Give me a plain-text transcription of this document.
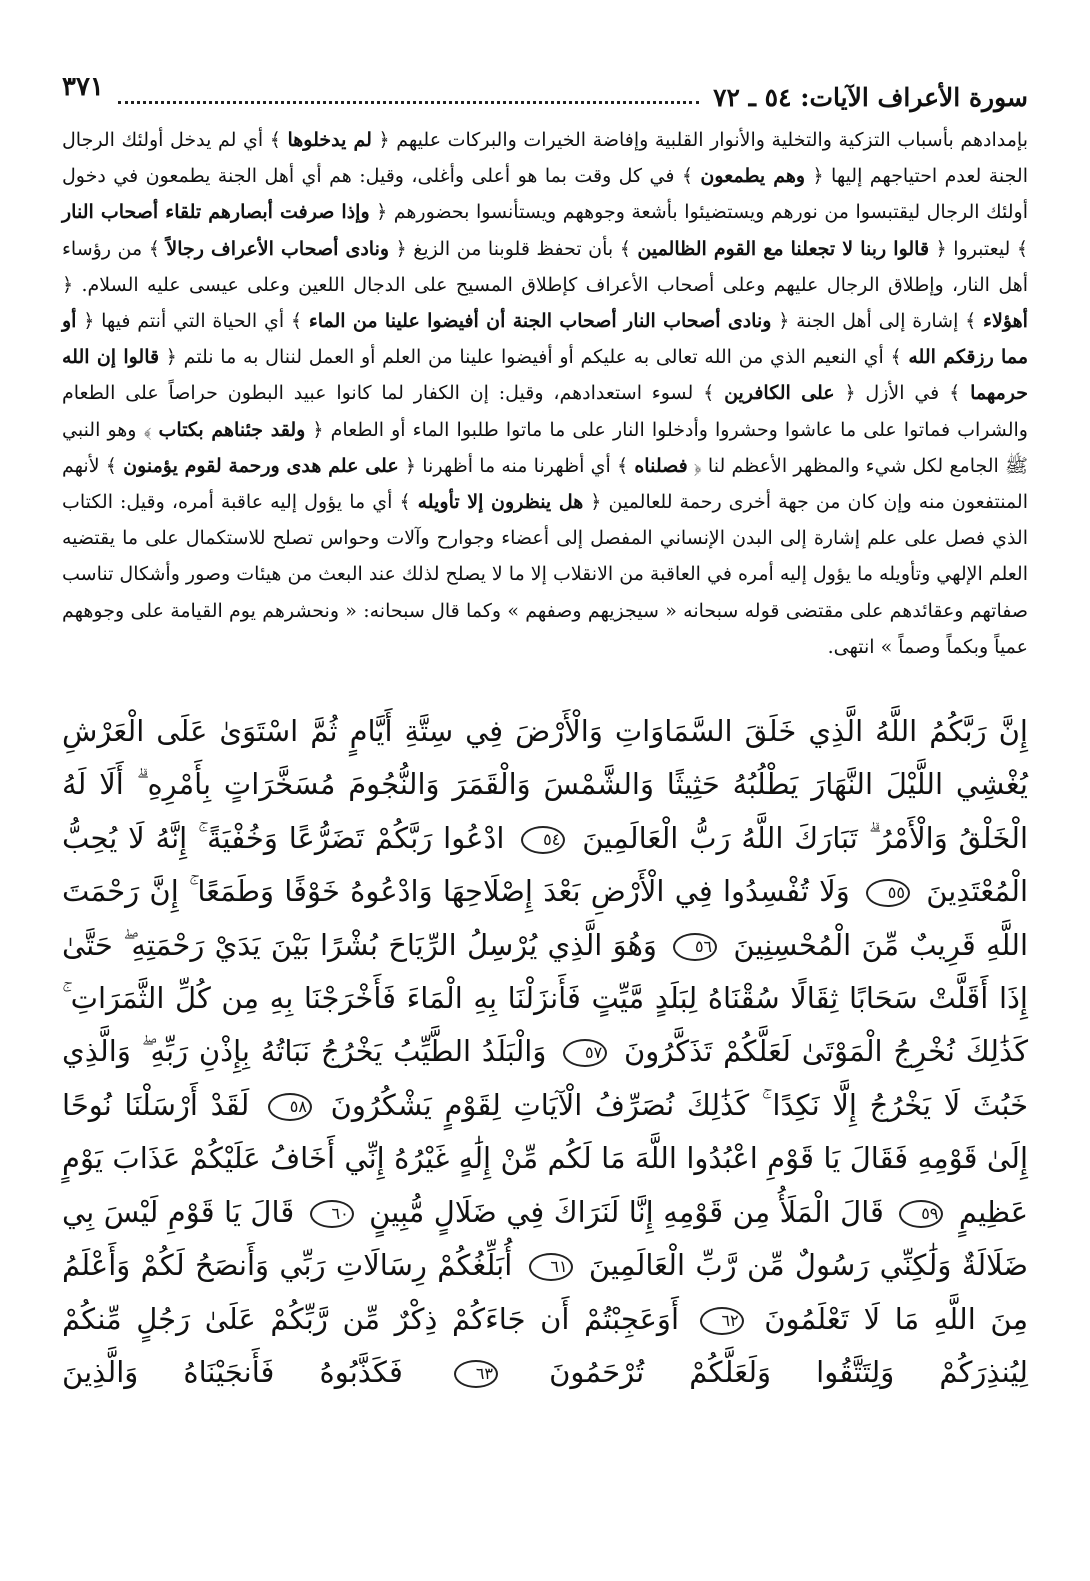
سورة الأعراف الآيات: ٥٤ ـ ٧٢
٣٧١
بإمدادهم بأسباب التزكية والتخلية والأنوار القلبية وإفاضة الخيرات والبركات عليهم ﴿ لم يدخلوها ﴾ أي لم يدخل أولئك الرجال الجنة لعدم احتياجهم إليها ﴿ وهم يطمعون ﴾ في كل وقت بما هو أعلى وأغلى، وقيل: هم أي أهل الجنة يطمعون في دخول أولئك الرجال ليقتبسوا من نورهم ويستضيئوا بأشعة وجوههم ويستأنسوا بحضورهم ﴿ وإذا صرفت أبصارهم تلقاء أصحاب النار ﴾ ليعتبروا ﴿ قالوا ربنا لا تجعلنا مع القوم الظالمين ﴾ بأن تحفظ قلوبنا من الزيغ ﴿ ونادى أصحاب الأعراف رجالاً ﴾ من رؤساء أهل النار، وإطلاق الرجال عليهم وعلى أصحاب الأعراف كإطلاق المسيح على الدجال اللعين وعلى عيسى عليه السلام. ﴿ أهؤلاء ﴾ إشارة إلى أهل الجنة ﴿ ونادى أصحاب النار أصحاب الجنة أن أفيضوا علينا من الماء ﴾ أي الحياة التي أنتم فيها ﴿ أو مما رزقكم الله ﴾ أي النعيم الذي من الله تعالى به عليكم أو أفيضوا علينا من العلم أو العمل لننال به ما نلتم ﴿ قالوا إن الله حرمهما ﴾ في الأزل ﴿ على الكافرين ﴾ لسوء استعدادهم، وقيل: إن الكفار لما كانوا عبيد البطون حراصاً على الطعام والشراب فماتوا على ما عاشوا وحشروا وأدخلوا النار على ما ماتوا طلبوا الماء أو الطعام ﴿ ولقد جئناهم بكتاب ﴾ وهو النبي ﷺ الجامع لكل شيء والمظهر الأعظم لنا ﴿ فصلناه ﴾ أي أظهرنا منه ما أظهرنا ﴿ على علم هدى ورحمة لقوم يؤمنون ﴾ لأنهم المنتفعون منه وإن كان من جهة أخرى رحمة للعالمين ﴿ هل ينظرون إلا تأويله ﴾ أي ما يؤول إليه عاقبة أمره، وقيل: الكتاب الذي فصل على علم إشارة إلى البدن الإنساني المفصل إلى أعضاء وجوارح وآلات وحواس تصلح للاستكمال على ما يقتضيه العلم الإلهي وتأويله ما يؤول إليه أمره في العاقبة من الانقلاب إلا ما لا يصلح لذلك عند البعث من هيئات وصور وأشكال تناسب صفاتهم وعقائدهم على مقتضى قوله سبحانه « سيجزيهم وصفهم » وكما قال سبحانه: « ونحشرهم يوم القيامة على وجوههم عمياً وبكماً وصماً » انتهى.
إِنَّ رَبَّكُمُ اللَّهُ الَّذِي خَلَقَ السَّمَاوَاتِ وَالْأَرْضَ فِي سِتَّةِ أَيَّامٍ ثُمَّ اسْتَوَىٰ عَلَى الْعَرْشِ يُغْشِي اللَّيْلَ النَّهَارَ يَطْلُبُهُ حَثِيثًا وَالشَّمْسَ وَالْقَمَرَ وَالنُّجُومَ مُسَخَّرَاتٍ بِأَمْرِهِ ۗ أَلَا لَهُ الْخَلْقُ وَالْأَمْرُ ۗ تَبَارَكَ اللَّهُ رَبُّ الْعَالَمِينَ ٥٤ ادْعُوا رَبَّكُمْ تَضَرُّعًا وَخُفْيَةً ۚ إِنَّهُ لَا يُحِبُّ الْمُعْتَدِينَ ٥٥ وَلَا تُفْسِدُوا فِي الْأَرْضِ بَعْدَ إِصْلَاحِهَا وَادْعُوهُ خَوْفًا وَطَمَعًا ۚ إِنَّ رَحْمَتَ اللَّهِ قَرِيبٌ مِّنَ الْمُحْسِنِينَ ٥٦ وَهُوَ الَّذِي يُرْسِلُ الرِّيَاحَ بُشْرًا بَيْنَ يَدَيْ رَحْمَتِهِ ۖ حَتَّىٰ إِذَا أَقَلَّتْ سَحَابًا ثِقَالًا سُقْنَاهُ لِبَلَدٍ مَّيِّتٍ فَأَنزَلْنَا بِهِ الْمَاءَ فَأَخْرَجْنَا بِهِ مِن كُلِّ الثَّمَرَاتِ ۚ كَذَٰلِكَ نُخْرِجُ الْمَوْتَىٰ لَعَلَّكُمْ تَذَكَّرُونَ ٥٧ وَالْبَلَدُ الطَّيِّبُ يَخْرُجُ نَبَاتُهُ بِإِذْنِ رَبِّهِ ۖ وَالَّذِي خَبُثَ لَا يَخْرُجُ إِلَّا نَكِدًا ۚ كَذَٰلِكَ نُصَرِّفُ الْآيَاتِ لِقَوْمٍ يَشْكُرُونَ ٥٨ لَقَدْ أَرْسَلْنَا نُوحًا إِلَىٰ قَوْمِهِ فَقَالَ يَا قَوْمِ اعْبُدُوا اللَّهَ مَا لَكُم مِّنْ إِلَٰهٍ غَيْرُهُ إِنِّي أَخَافُ عَلَيْكُمْ عَذَابَ يَوْمٍ عَظِيمٍ ٥٩ قَالَ الْمَلَأُ مِن قَوْمِهِ إِنَّا لَنَرَاكَ فِي ضَلَالٍ مُّبِينٍ ٦٠ قَالَ يَا قَوْمِ لَيْسَ بِي ضَلَالَةٌ وَلَٰكِنِّي رَسُولٌ مِّن رَّبِّ الْعَالَمِينَ ٦١ أُبَلِّغُكُمْ رِسَالَاتِ رَبِّي وَأَنصَحُ لَكُمْ وَأَعْلَمُ مِنَ اللَّهِ مَا لَا تَعْلَمُونَ ٦٢ أَوَعَجِبْتُمْ أَن جَاءَكُمْ ذِكْرٌ مِّن رَّبِّكُمْ عَلَىٰ رَجُلٍ مِّنكُمْ لِيُنذِرَكُمْ وَلِتَتَّقُوا وَلَعَلَّكُمْ تُرْحَمُونَ ٦٣ فَكَذَّبُوهُ فَأَنجَيْنَاهُ وَالَّذِينَ
